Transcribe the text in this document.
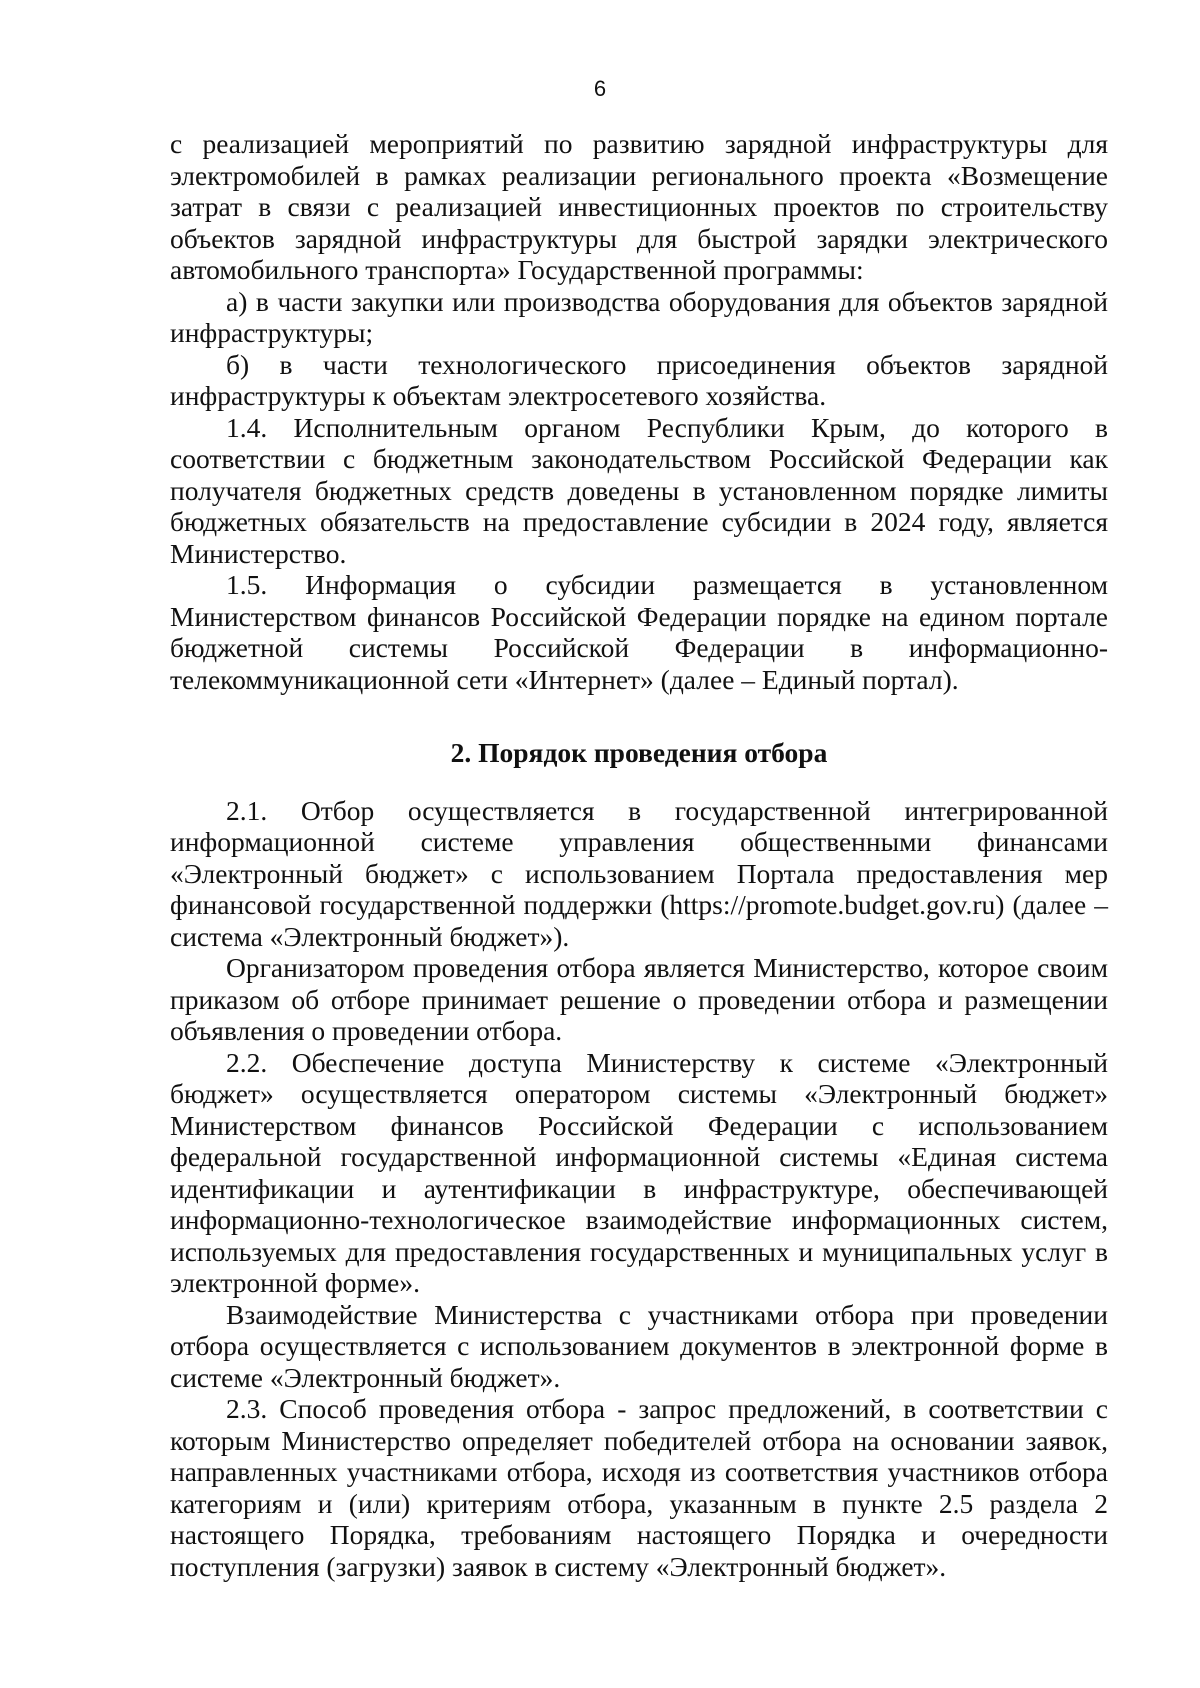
6

с реализацией мероприятий по развитию зарядной инфраструктуры для электромобилей в рамках реализации регионального проекта «Возмещение затрат в связи с реализацией инвестиционных проектов по строительству объектов зарядной инфраструктуры для быстрой зарядки электрического автомобильного транспорта» Государственной программы:

а) в части закупки или производства оборудования для объектов зарядной инфраструктуры;

б) в части технологического присоединения объектов зарядной инфраструктуры к объектам электросетевого хозяйства.

1.4. Исполнительным органом Республики Крым, до которого в соответствии с бюджетным законодательством Российской Федерации как получателя бюджетных средств доведены в установленном порядке лимиты бюджетных обязательств на предоставление субсидии в 2024 году, является Министерство.

1.5. Информация о субсидии размещается в установленном Министерством финансов Российской Федерации порядке на едином портале бюджетной системы Российской Федерации в информационно-телекоммуникационной сети «Интернет» (далее – Единый портал).

2. Порядок проведения отбора

2.1. Отбор осуществляется в государственной интегрированной информационной системе управления общественными финансами «Электронный бюджет» с использованием Портала предоставления мер финансовой государственной поддержки (https://promote.budget.gov.ru) (далее – система «Электронный бюджет»).

Организатором проведения отбора является Министерство, которое своим приказом об отборе принимает решение о проведении отбора и размещении объявления о проведении отбора.

2.2. Обеспечение доступа Министерству к системе «Электронный бюджет» осуществляется оператором системы «Электронный бюджет» Министерством финансов Российской Федерации с использованием федеральной государственной информационной системы «Единая система идентификации и аутентификации в инфраструктуре, обеспечивающей информационно-технологическое взаимодействие информационных систем, используемых для предоставления государственных и муниципальных услуг в электронной форме».

Взаимодействие Министерства с участниками отбора при проведении отбора осуществляется с использованием документов в электронной форме в системе «Электронный бюджет».

2.3. Способ проведения отбора - запрос предложений, в соответствии с которым Министерство определяет победителей отбора на основании заявок, направленных участниками отбора, исходя из соответствия участников отбора категориям и (или) критериям отбора, указанным в пункте 2.5 раздела 2 настоящего Порядка, требованиям настоящего Порядка и очередности поступления (загрузки) заявок в систему «Электронный бюджет».
